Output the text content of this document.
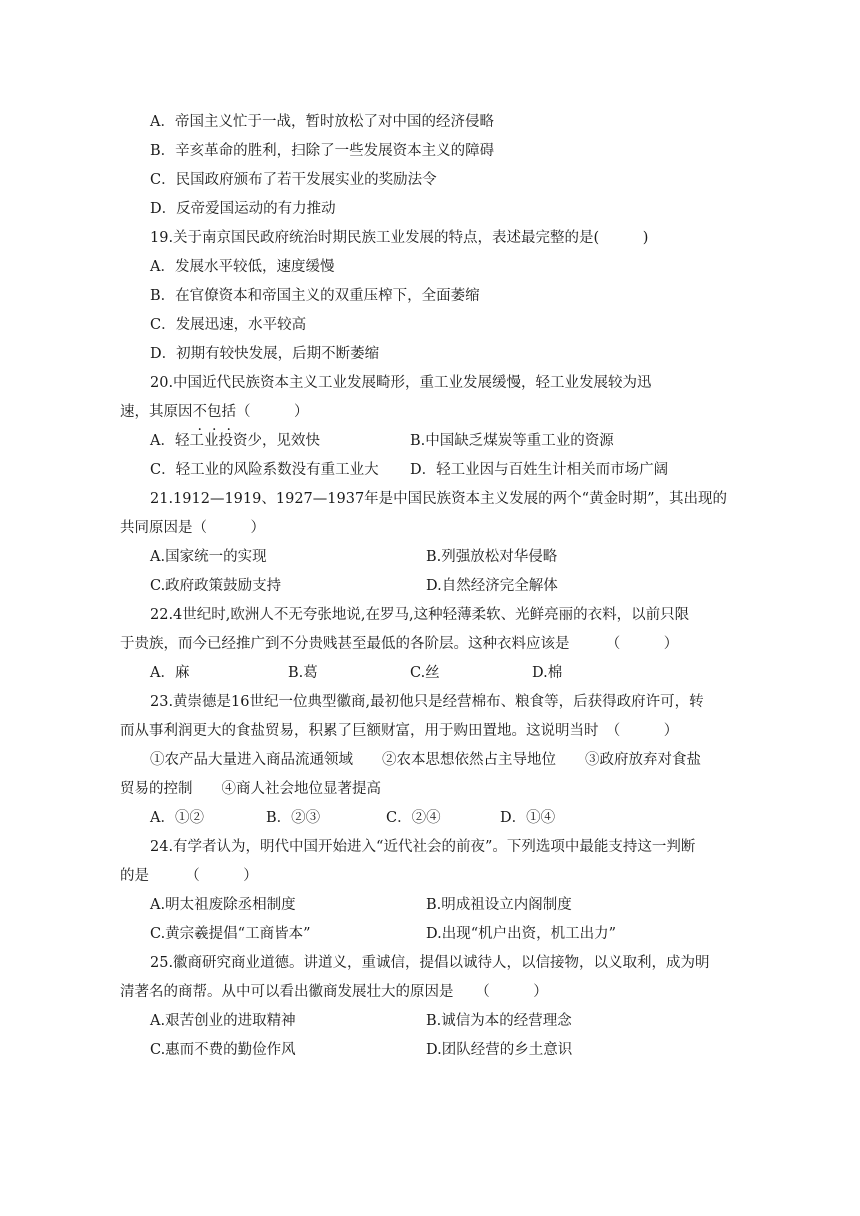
A．帝国主义忙于一战，暂时放松了对中国的经济侵略
B．辛亥革命的胜利，扫除了一些发展资本主义的障碍
C．民国政府颁布了若干发展实业的奖励法令
D．反帝爱国运动的有力推动
19.关于南京国民政府统治时期民族工业发展的特点，表述最完整的是(　　　)
A．发展水平较低，速度缓慢
B．在官僚资本和帝国主义的双重压榨下，全面萎缩
C．发展迅速，水平较高
D．初期有较快发展，后期不断萎缩
20.中国近代民族资本主义工业发展畸形，重工业发展缓慢，轻工业发展较为迅
速，其原因不包括（　　　）
A．轻工业投资少，见效快	B.中国缺乏煤炭等重工业的资源
C．轻工业的风险系数没有重工业大 D．轻工业因与百姓生计相关而市场广阔
21.1912—1919、1927—1937年是中国民族资本主义发展的两个“黄金时期”，其出现的
共同原因是（　　　）
A.国家统一的实现	B.列强放松对华侵略
C.政府政策鼓励支持	D.自然经济完全解体
22.4世纪时,欧洲人不无夸张地说,在罗马,这种轻薄柔软、光鲜亮丽的衣料，以前只限
于贵族，而今已经推广到不分贵贱甚至最低的各阶层。这种衣料应该是　　　（　　　）
A．麻	B.葛	C.丝	D.棉
23.黄崇德是16世纪一位典型徽商,最初他只是经营棉布、粮食等，后获得政府许可，转
而从事利润更大的食盐贸易，积累了巨额财富，用于购田置地。这说明当时　（　　　）
①农产品大量进入商品流通领域　　②农本思想依然占主导地位　　③政府放弃对食盐
贸易的控制　　④商人社会地位显著提高
A．①②	B．②③	C．②④	D．①④
24.有学者认为，明代中国开始进入“近代社会的前夜”。下列选项中最能支持这一判断
的是　　　（　　　）
A.明太祖废除丞相制度	B.明成祖设立内阁制度
C.黄宗羲提倡“工商皆本”	D.出现“机户出资，机工出力”
25.徽商研究商业道德。讲道义，重诚信，提倡以诚待人，以信接物，以义取利，成为明
清著名的商帮。从中可以看出徽商发展壮大的原因是　　（　　　）
A.艰苦创业的进取精神	B.诚信为本的经营理念
C.惠而不费的勤俭作风	D.团队经营的乡土意识
